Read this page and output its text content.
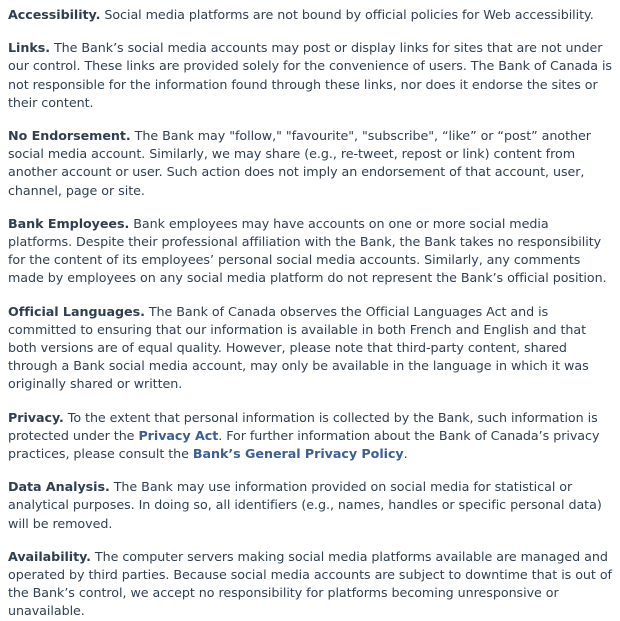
Accessibility. Social media platforms are not bound by official policies for Web accessibility.

Links. The Bank’s social media accounts may post or display links for sites that are not under our control. These links are provided solely for the convenience of users. The Bank of Canada is not responsible for the information found through these links, nor does it endorse the sites or their content.

No Endorsement. The Bank may "follow," "favourite", "subscribe", “like” or “post” another social media account. Similarly, we may share (e.g., re-tweet, repost or link) content from another account or user. Such action does not imply an endorsement of that account, user, channel, page or site.

Bank Employees. Bank employees may have accounts on one or more social media platforms. Despite their professional affiliation with the Bank, the Bank takes no responsibility for the content of its employees’ personal social media accounts. Similarly, any comments made by employees on any social media platform do not represent the Bank’s official position.

Official Languages. The Bank of Canada observes the Official Languages Act and is committed to ensuring that our information is available in both French and English and that both versions are of equal quality. However, please note that third-party content, shared through a Bank social media account, may only be available in the language in which it was originally shared or written.

Privacy. To the extent that personal information is collected by the Bank, such information is protected under the Privacy Act. For further information about the Bank of Canada’s privacy practices, please consult the Bank’s General Privacy Policy.

Data Analysis. The Bank may use information provided on social media for statistical or analytical purposes. In doing so, all identifiers (e.g., names, handles or specific personal data) will be removed.

Availability. The computer servers making social media platforms available are managed and operated by third parties. Because social media accounts are subject to downtime that is out of the Bank’s control, we accept no responsibility for platforms becoming unresponsive or unavailable.
